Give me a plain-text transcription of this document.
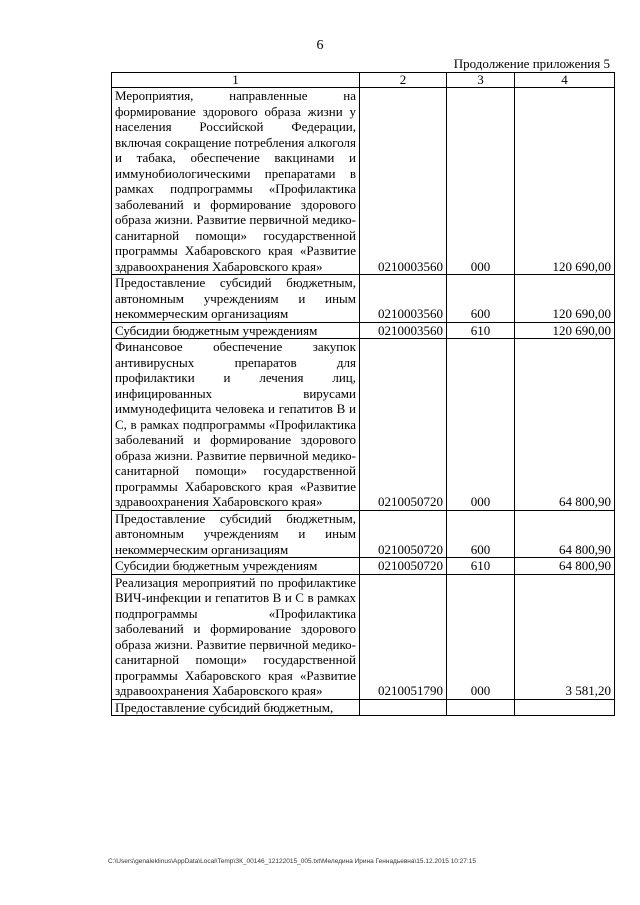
6
Продолжение приложения 5
1	2	3	4
Мероприятия, направленные на формирование здорового образа жизни у населения Российской Федерации, включая сокращение потребления алкоголя и табака, обеспечение вакцинами и иммунобиологическими препаратами в рамках подпрограммы «Профилактика заболеваний и формирование здорового образа жизни. Развитие первичной медико-санитарной помощи» государственной программы Хабаровского края «Развитие здравоохранения Хабаровского края»	0210003560	000	120 690,00
Предоставление субсидий бюджетным, автономным учреждениям и иным некоммерческим организациям	0210003560	600	120 690,00
Субсидии бюджетным учреждениям	0210003560	610	120 690,00
Финансовое обеспечение закупок антивирусных препаратов для профилактики и лечения лиц, инфицированных вирусами иммунодефицита человека и гепатитов В и С, в рамках подпрограммы «Профилактика заболеваний и формирование здорового образа жизни. Развитие первичной медико-санитарной помощи» государственной программы Хабаровского края «Развитие здравоохранения Хабаровского края»	0210050720	000	64 800,90
Предоставление субсидий бюджетным, автономным учреждениям и иным некоммерческим организациям	0210050720	600	64 800,90
Субсидии бюджетным учреждениям	0210050720	610	64 800,90
Реализация мероприятий по профилактике ВИЧ-инфекции и гепатитов В и С в рамках подпрограммы «Профилактика заболеваний и формирование здорового образа жизни. Развитие первичной медико-санитарной помощи» государственной программы Хабаровского края «Развитие здравоохранения Хабаровского края»	0210051790	000	3 581,20
Предоставление субсидий бюджетным,			
C:\Users\genaleklinus\AppData\Local\Temp\ЗК_00146_12122015_005.txt\Меледина Ирина Геннадьевна\15.12.2015 10:27:15
